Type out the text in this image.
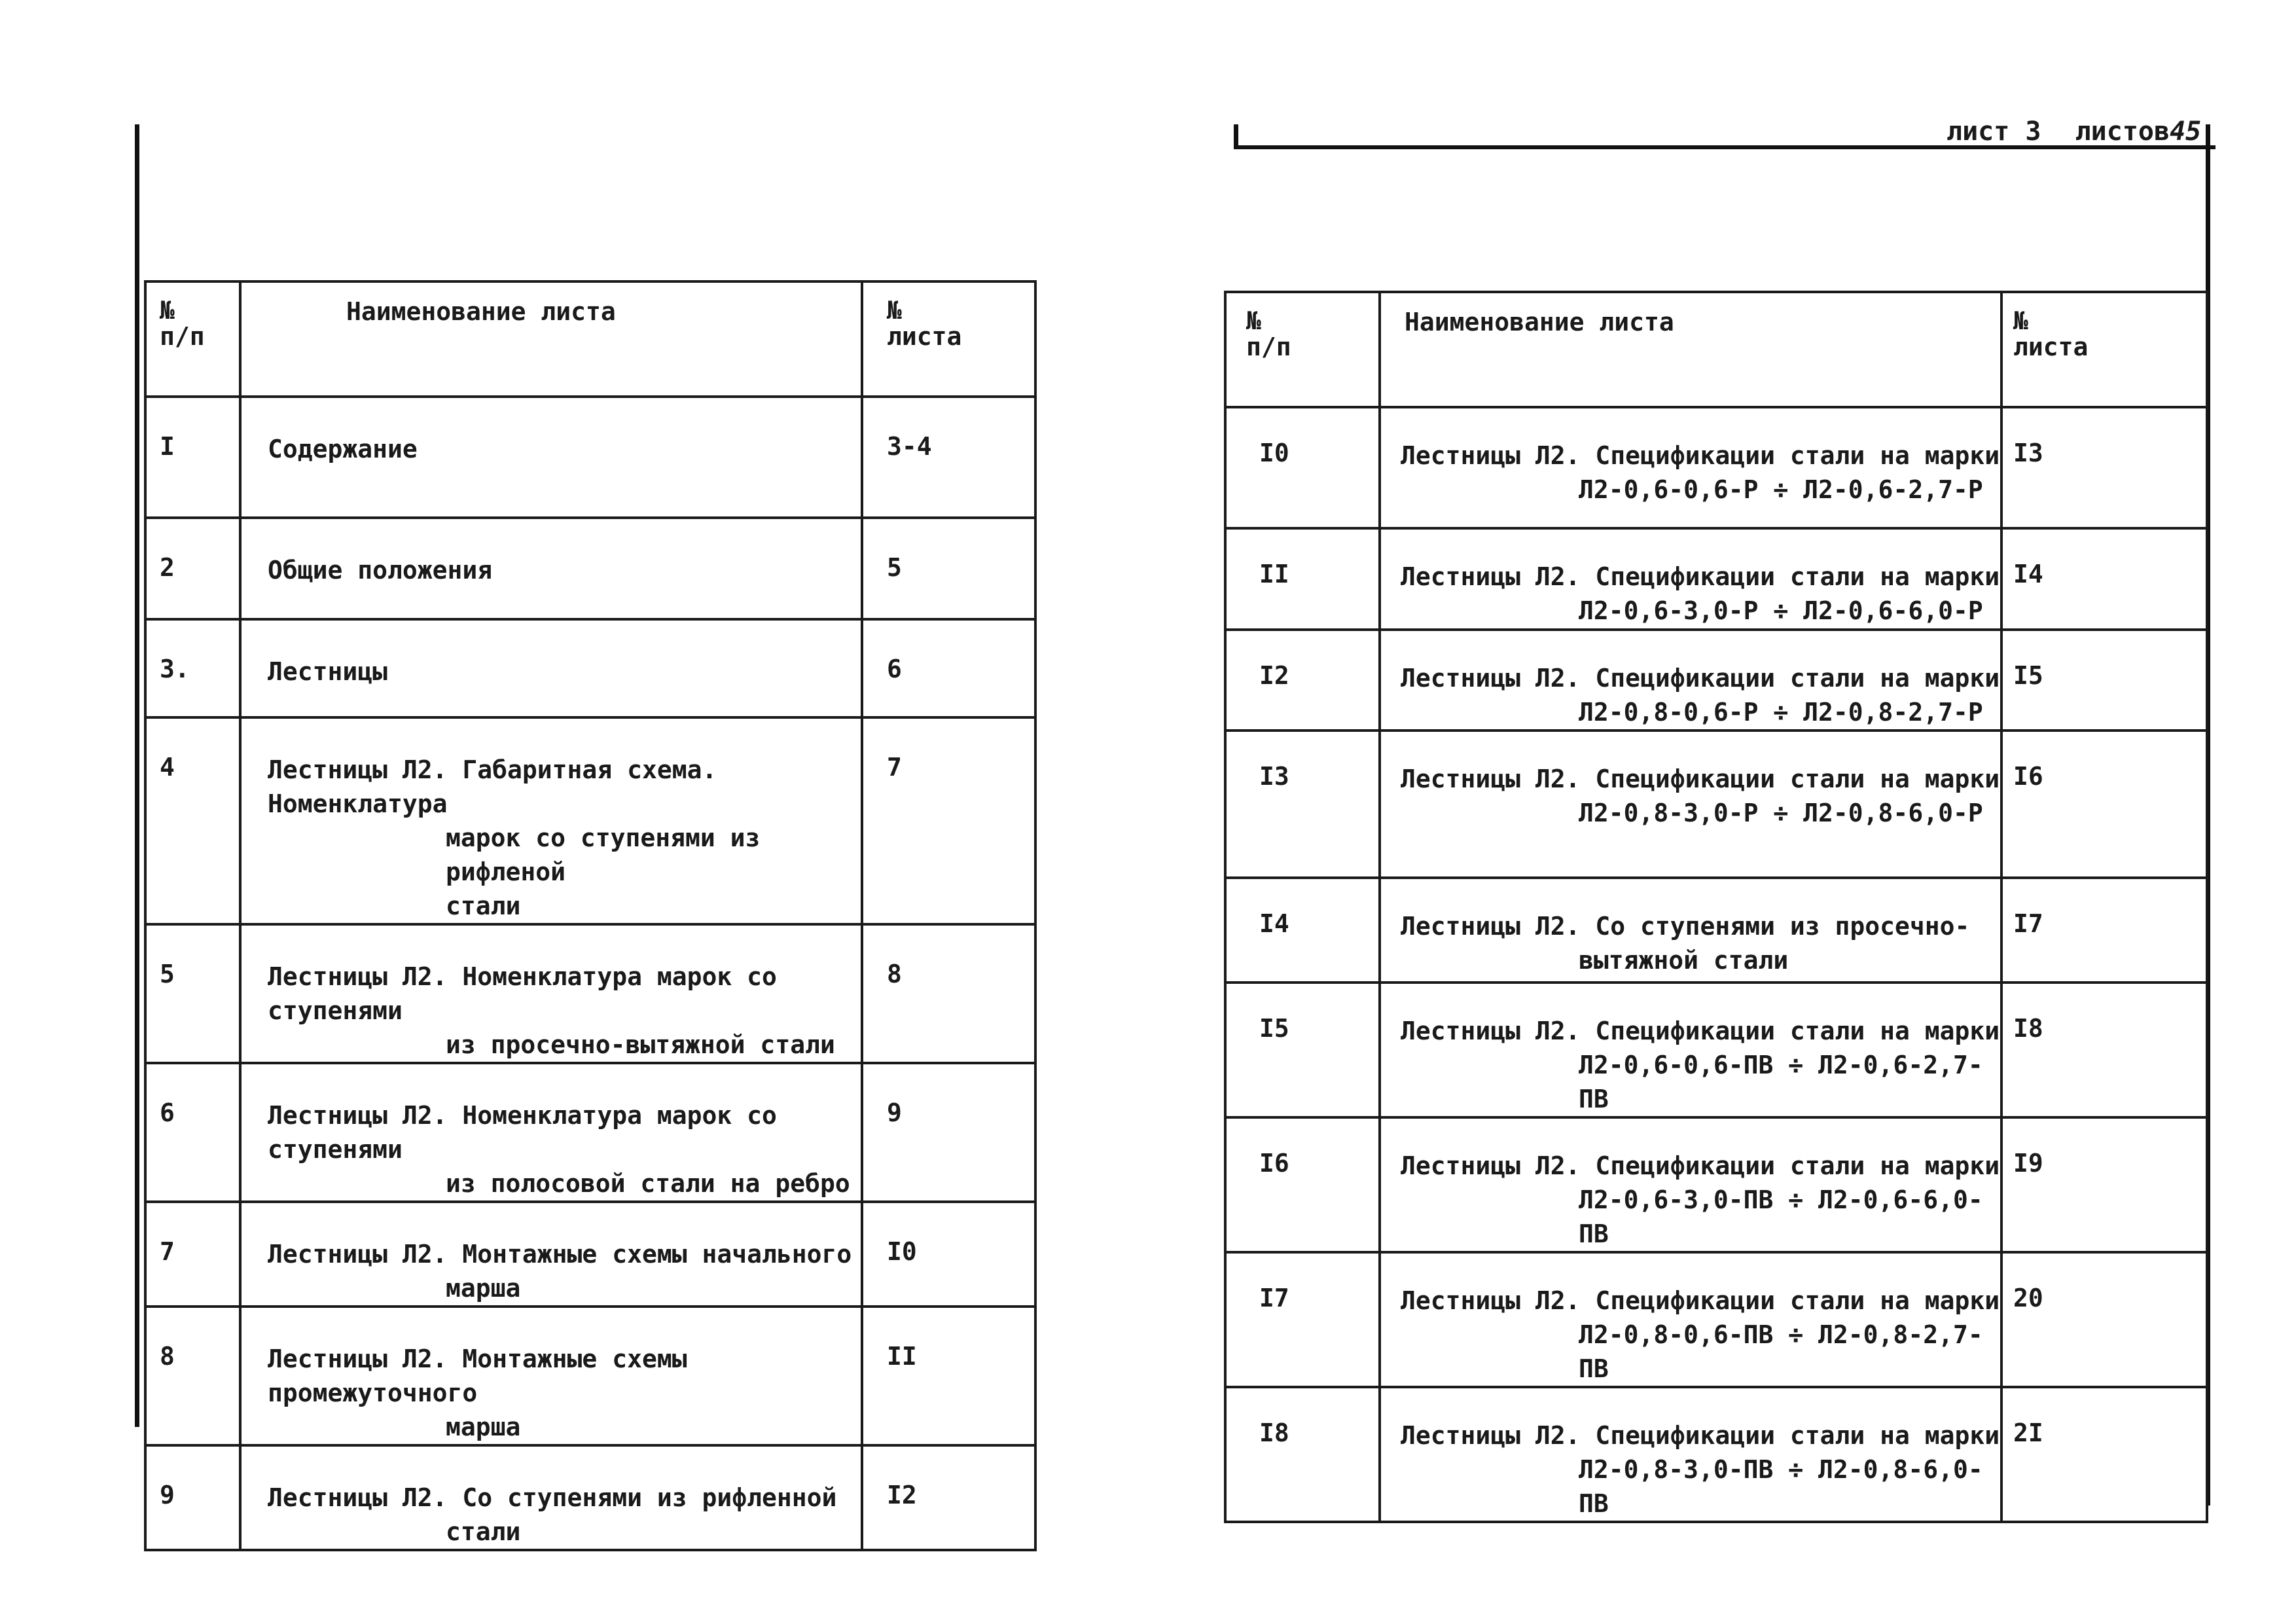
лист 3 листов45
№
п/п	Наименование листа	№
листа

I	Содержание	3-4
2	Общие положения	5
3.	Лестницы	6
4	Лестницы Л2. Габаритная схема. Номенклатура
марок со ступенями из рифленой
стали	7
5	Лестницы Л2. Номенклатура марок со ступенями
из просечно-вытяжной стали	8
6	Лестницы Л2. Номенклатура марок со ступенями
из полосовой стали на ребро	9
7	Лестницы Л2. Монтажные схемы начального
марша	I0
8	Лестницы Л2. Монтажные схемы промежуточного
марша	II
9	Лестницы Л2. Со ступенями из рифленной
стали	I2
№
п/п	Наименование листа	№
листа

I0	Лестницы Л2. Спецификации стали на марки
Л2-0,6-0,6-Р ÷ Л2-0,6-2,7-Р	I3
II	Лестницы Л2. Спецификации стали на марки
Л2-0,6-3,0-Р ÷ Л2-0,6-6,0-Р	I4
I2	Лестницы Л2. Спецификации стали на марки
Л2-0,8-0,6-Р ÷ Л2-0,8-2,7-Р	I5
I3	Лестницы Л2. Спецификации стали на марки
Л2-0,8-3,0-Р ÷ Л2-0,8-6,0-Р	I6
I4	Лестницы Л2. Со ступенями из просечно-
вытяжной стали	I7
I5	Лестницы Л2. Спецификации стали на марки
Л2-0,6-0,6-ПВ ÷ Л2-0,6-2,7-ПВ	I8
I6	Лестницы Л2. Спецификации стали на марки
Л2-0,6-3,0-ПВ ÷ Л2-0,6-6,0-ПВ	I9
I7	Лестницы Л2. Спецификации стали на марки
Л2-0,8-0,6-ПВ ÷ Л2-0,8-2,7-ПВ	20
I8	Лестницы Л2. Спецификации стали на марки
Л2-0,8-3,0-ПВ ÷ Л2-0,8-6,0-ПВ	2I
